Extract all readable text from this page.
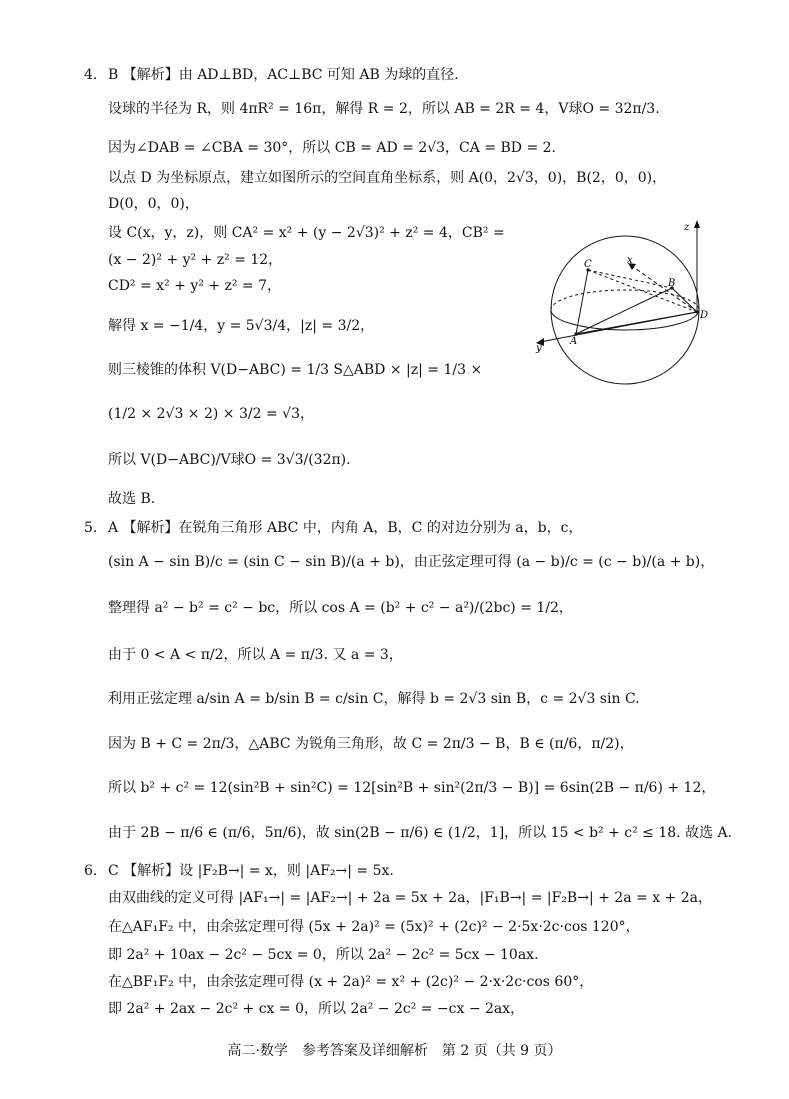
4. B 【解析】由 AD⊥BD，AC⊥BC 可知 AB 为球的直径.
设球的半径为 R，则 4πR² = 16π，解得 R = 2，所以 AB = 2R = 4，V球O = 32π/3.
因为∠DAB = ∠CBA = 30°，所以 CB = AD = 2√3，CA = BD = 2.
以点 D 为坐标原点，建立如图所示的空间直角坐标系，则 A(0，2√3，0)，B(2，0，0)，
D(0，0，0)，
设 C(x，y，z)，则 CA² = x² + (y − 2√3)² + z² = 4，CB² =
(x − 2)² + y² + z² = 12，
CD² = x² + y² + z² = 7，
解得 x = −1/4，y = 5√3/4，|z| = 3/2，
则三棱锥的体积 V(D−ABC) = 1/3 S△ABD × |z| = 1/3 ×
(1/2 × 2√3 × 2) × 3/2 = √3，
所以 V(D−ABC)/V球O = 3√3/(32π).
故选 B.
z
x
y
C
B
A
D
5. A 【解析】在锐角三角形 ABC 中，内角 A，B，C 的对边分别为 a，b，c，
(sin A − sin B)/c = (sin C − sin B)/(a + b)，由正弦定理可得 (a − b)/c = (c − b)/(a + b)，
整理得 a² − b² = c² − bc，所以 cos A = (b² + c² − a²)/(2bc) = 1/2，
由于 0 < A < π/2，所以 A = π/3. 又 a = 3，
利用正弦定理 a/sin A = b/sin B = c/sin C，解得 b = 2√3 sin B，c = 2√3 sin C.
因为 B + C = 2π/3，△ABC 为锐角三角形，故 C = 2π/3 − B，B ∈ (π/6，π/2)，
所以 b² + c² = 12(sin²B + sin²C) = 12[sin²B + sin²(2π/3 − B)] = 6sin(2B − π/6) + 12，
由于 2B − π/6 ∈ (π/6，5π/6)，故 sin(2B − π/6) ∈ (1/2，1]，所以 15 < b² + c² ≤ 18. 故选 A.
6. C 【解析】设 |F₂B→| = x，则 |AF₂→| = 5x.
由双曲线的定义可得 |AF₁→| = |AF₂→| + 2a = 5x + 2a，|F₁B→| = |F₂B→| + 2a = x + 2a，
在△AF₁F₂ 中，由余弦定理可得 (5x + 2a)² = (5x)² + (2c)² − 2·5x·2c·cos 120°，
即 2a² + 10ax − 2c² − 5cx = 0，所以 2a² − 2c² = 5cx − 10ax.
在△BF₁F₂ 中，由余弦定理可得 (x + 2a)² = x² + (2c)² − 2·x·2c·cos 60°，
即 2a² + 2ax − 2c² + cx = 0，所以 2a² − 2c² = −cx − 2ax，
高二·数学　参考答案及详细解析　第 2 页（共 9 页）
